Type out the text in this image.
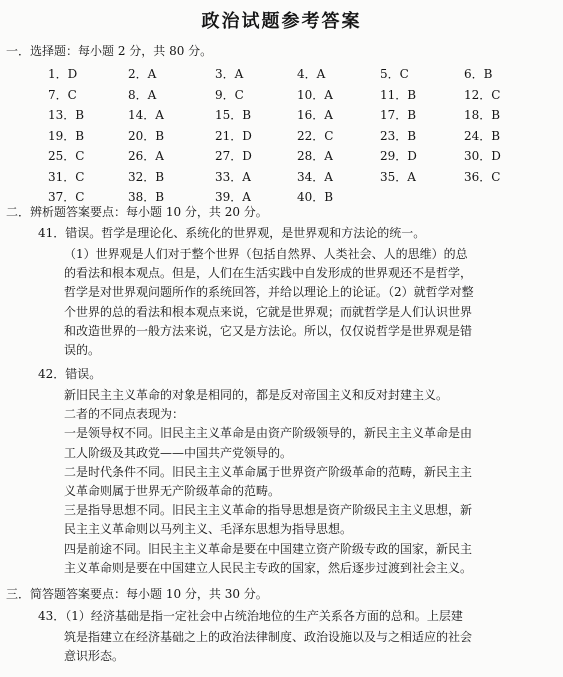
政治试题参考答案
一．选择题：每小题 2 分，共 80 分。
1．D	2．A	3．A	4．A	5．C	6．B
7．C	8．A	9．C	10．A	11．B	12．C
13．B	14．A	15．B	16．A	17．B	18．B
19．B	20．B	21．D	22．C	23．B	24．B
25．C	26．A	27．D	28．A	29．D	30．D
31．C	32．B	33．A	34．A	35．A	36．C
37．C	38．B	39．A	40．B
二．辨析题答案要点：每小题 10 分，共 20 分。
41．错误。哲学是理论化、系统化的世界观，是世界观和方法论的统一。
（1）世界观是人们对于整个世界（包括自然界、人类社会、人的思维）的总
的看法和根本观点。但是，人们在生活实践中自发形成的世界观还不是哲学，
哲学是对世界观问题所作的系统回答，并给以理论上的论证。（2）就哲学对整
个世界的总的看法和根本观点来说，它就是世界观；而就哲学是人们认识世界
和改造世界的一般方法来说，它又是方法论。所以，仅仅说哲学是世界观是错
误的。
42．错误。
新旧民主主义革命的对象是相同的，都是反对帝国主义和反对封建主义。
二者的不同点表现为：
一是领导权不同。旧民主主义革命是由资产阶级领导的，新民主主义革命是由
工人阶级及其政党——中国共产党领导的。
二是时代条件不同。旧民主主义革命属于世界资产阶级革命的范畴，新民主主
义革命则属于世界无产阶级革命的范畴。
三是指导思想不同。旧民主主义革命的指导思想是资产阶级民主主义思想，新
民主主义革命则以马列主义、毛泽东思想为指导思想。
四是前途不同。旧民主主义革命是要在中国建立资产阶级专政的国家，新民主
主义革命则是要在中国建立人民民主专政的国家，然后逐步过渡到社会主义。
三．简答题答案要点：每小题 10 分，共 30 分。
43．（1）经济基础是指一定社会中占统治地位的生产关系各方面的总和。上层建
筑是指建立在经济基础之上的政治法律制度、政治设施以及与之相适应的社会
意识形态。
